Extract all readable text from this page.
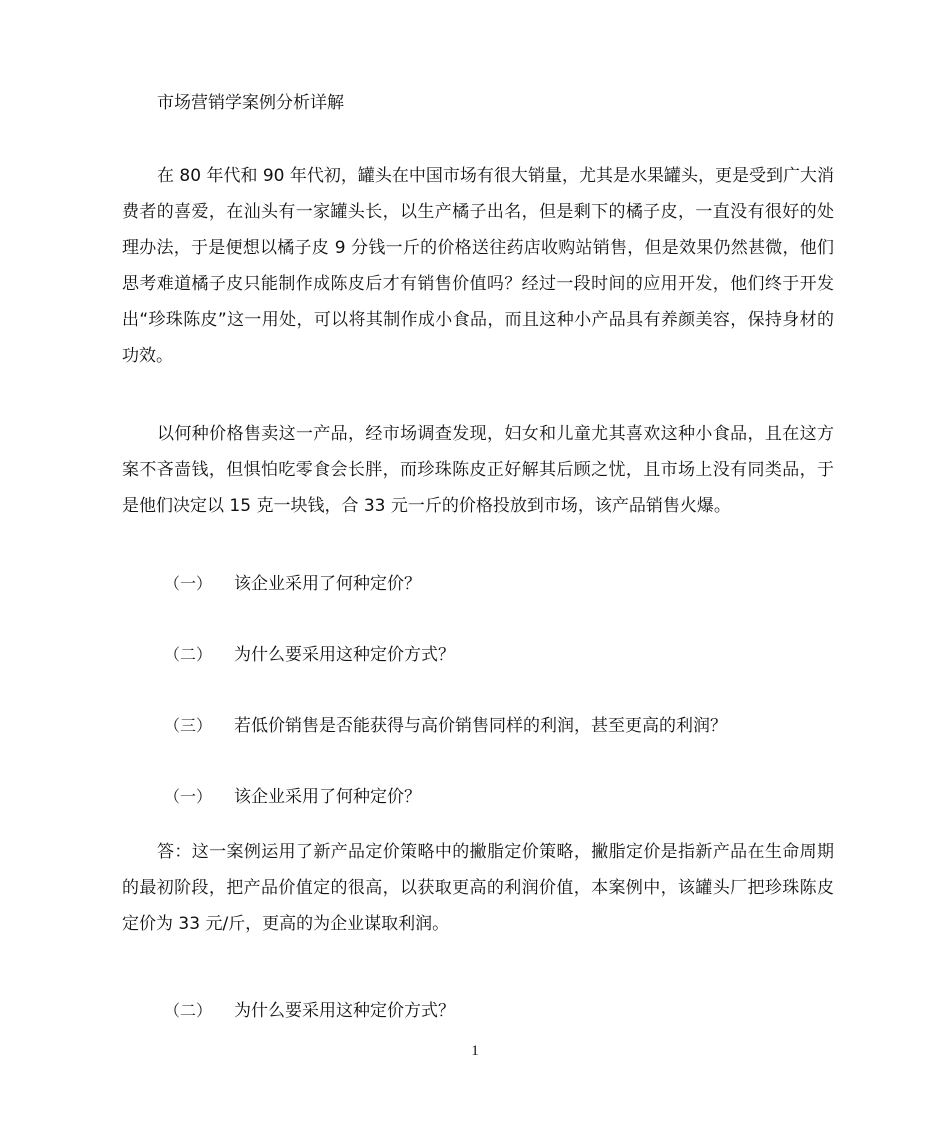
市场营销学案例分析详解
在 80 年代和 90 年代初，罐头在中国市场有很大销量，尤其是水果罐头，更是受到广大消费者的喜爱，在汕头有一家罐头长，以生产橘子出名，但是剩下的橘子皮，一直没有很好的处理办法，于是便想以橘子皮 9 分钱一斤的价格送往药店收购站销售，但是效果仍然甚微，他们思考难道橘子皮只能制作成陈皮后才有销售价值吗？经过一段时间的应用开发，他们终于开发出“珍珠陈皮”这一用处，可以将其制作成小食品，而且这种小产品具有养颜美容，保持身材的功效。
以何种价格售卖这一产品，经市场调查发现，妇女和儿童尤其喜欢这种小食品，且在这方案不吝啬钱，但惧怕吃零食会长胖，而珍珠陈皮正好解其后顾之忧，且市场上没有同类品，于是他们决定以 15 克一块钱，合 33 元一斤的价格投放到市场，该产品销售火爆。
（一） 该企业采用了何种定价？
（二） 为什么要采用这种定价方式？
（三） 若低价销售是否能获得与高价销售同样的利润，甚至更高的利润？
（一） 该企业采用了何种定价？
答：这一案例运用了新产品定价策略中的撇脂定价策略，撇脂定价是指新产品在生命周期的最初阶段，把产品价值定的很高，以获取更高的利润价值，本案例中，该罐头厂把珍珠陈皮定价为 33 元/斤，更高的为企业谋取利润。
（二） 为什么要采用这种定价方式？
1
